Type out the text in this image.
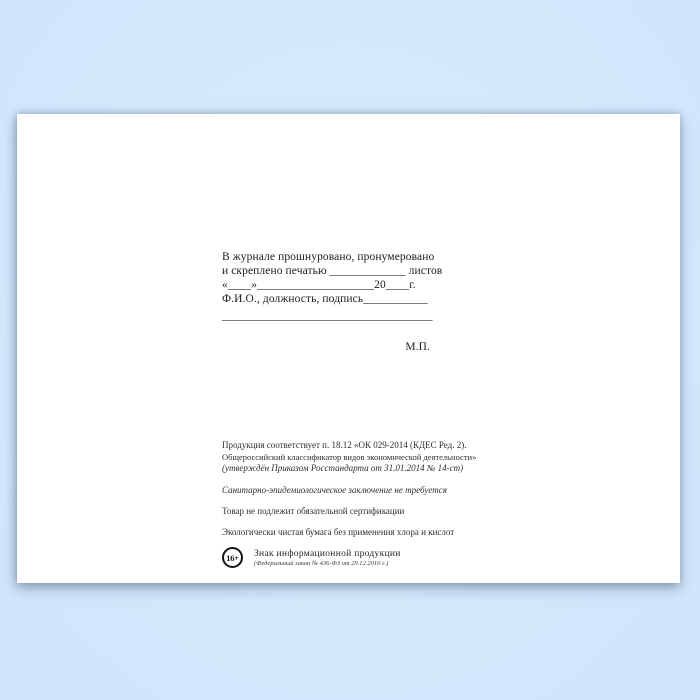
В журнале прошнуровано, пронумеровано
и скреплено печатью _____________ листов
«____»____________________20____г.
Ф.И.О., должность, подпись___________
____________________________________
М.П.
Продукция соответствует п. 18.12 «ОК 029-2014 (КДЕС Ред. 2).
Общероссийский классификатор видов экономической деятельности»
(утверждён Приказом Росстандарта от 31.01.2014 № 14-ст)
Санитарно-эпидемиологическое заключение не требуется
Товар не подлежит обязательной сертификации
Экологически чистая бумага без применения хлора и кислот
16+	Знак информационной продукции
(Федеральный закон № 436-ФЗ от 29.12.2010 г.)
